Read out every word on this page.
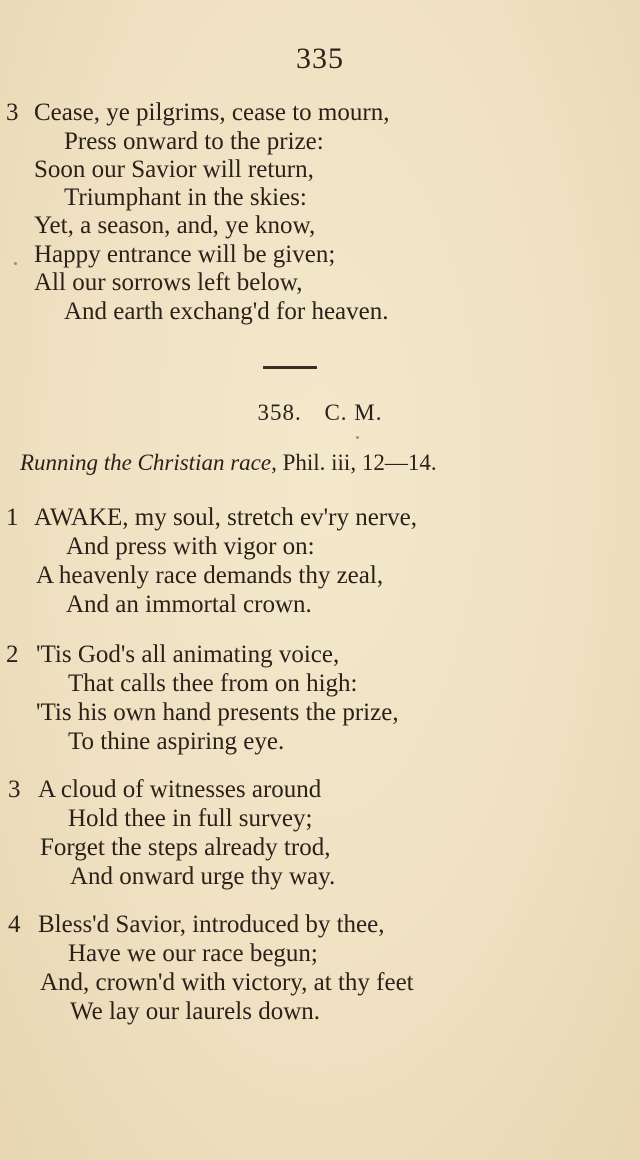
335
3 Cease, ye pilgrims, cease to mourn,
Press onward to the prize:
Soon our Savior will return,
Triumphant in the skies:
Yet, a season, and, ye know,
Happy entrance will be given;
All our sorrows left below,
And earth exchang'd for heaven.
358. C. M.
Running the Christian race, Phil. iii, 12—14.
1 AWAKE, my soul, stretch ev'ry nerve,
And press with vigor on:
A heavenly race demands thy zeal,
And an immortal crown.
2 'Tis God's all animating voice,
That calls thee from on high:
'Tis his own hand presents the prize,
To thine aspiring eye.
3 A cloud of witnesses around
Hold thee in full survey;
Forget the steps already trod,
And onward urge thy way.
4 Bless'd Savior, introduced by thee,
Have we our race begun;
And, crown'd with victory, at thy feet
We lay our laurels down.
